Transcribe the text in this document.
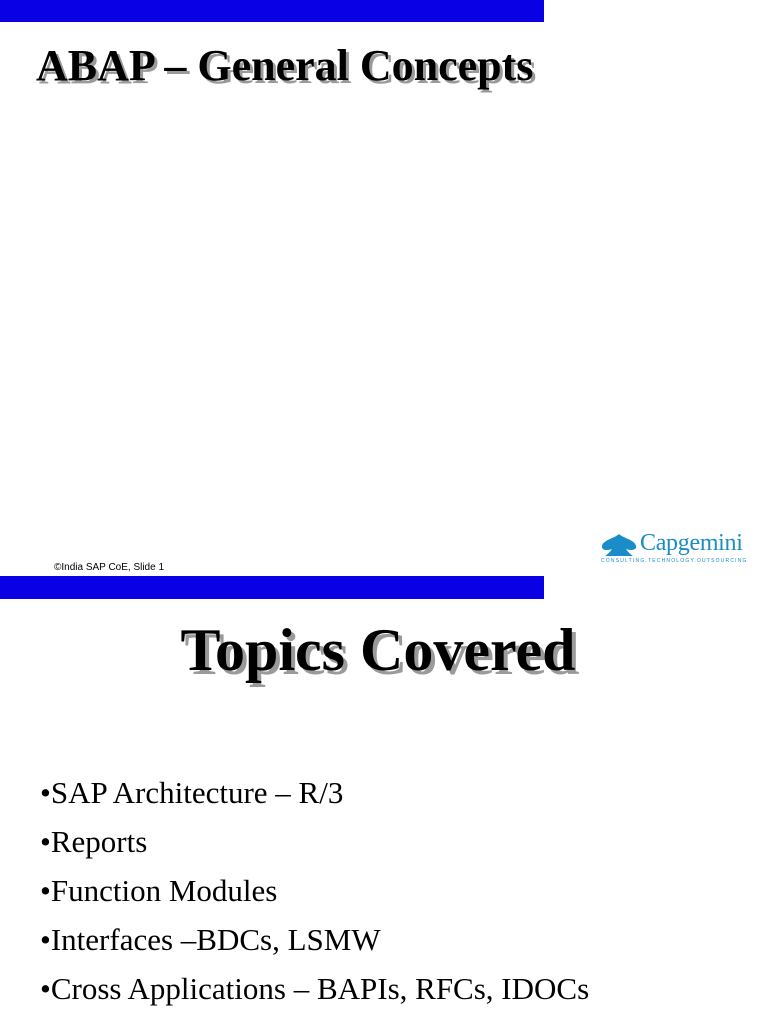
ABAP – General Concepts
Capgemini
CONSULTING.TECHNOLOGY.OUTSOURCING
©India SAP CoE, Slide 1
Topics Covered
• SAP Architecture – R/3
• Reports
• Function Modules
• Interfaces –BDCs, LSMW
• Cross Applications – BAPIs, RFCs, IDOCs
